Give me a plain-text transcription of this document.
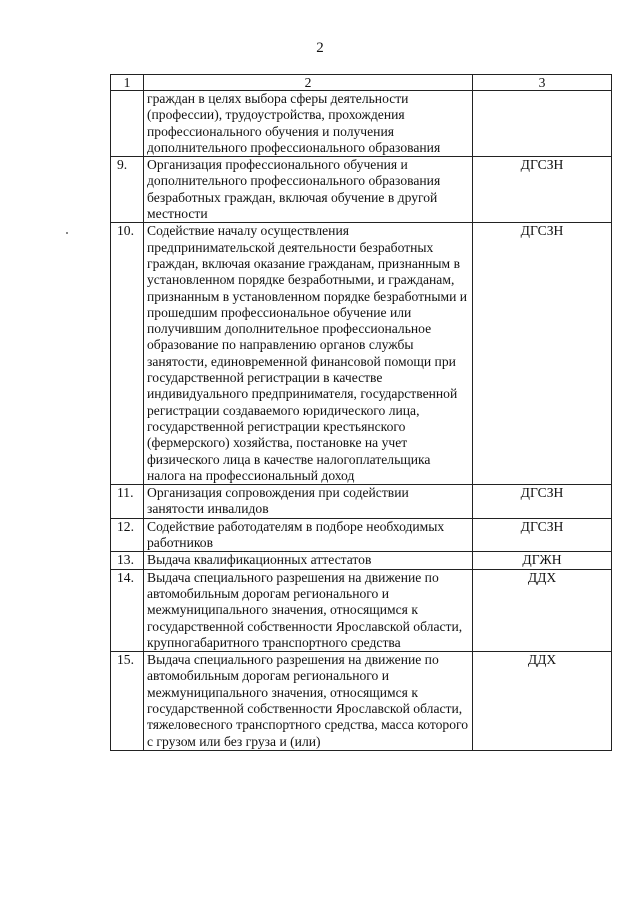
2
1	2	3
	граждан в целях выбора сферы деятельности (профессии), трудоустройства, прохождения профессионального обучения и получения дополнительного профессионального образования	
9.	Организация профессионального обучения и дополнительного профессионального образования безработных граждан, включая обучение в другой местности	ДГСЗН
10.	Содействие началу осуществления предпринимательской деятельности безработных граждан, включая оказание гражданам, признанным в установленном порядке безработными, и гражданам, признанным в установленном порядке безработными и прошедшим профессиональное обучение или получившим дополнительное профессиональное образование по направлению органов службы занятости, единовременной финансовой помощи при государственной регистрации в качестве индивидуального предпринимателя, государственной регистрации создаваемого юридического лица, государственной регистрации крестьянского (фермерского) хозяйства, постановке на учет физического лица в качестве налогоплательщика налога на профессиональный доход	ДГСЗН
11.	Организация сопровождения при содействии занятости инвалидов	ДГСЗН
12.	Содействие работодателям в подборе необходимых работников	ДГСЗН
13.	Выдача квалификационных аттестатов	ДГЖН
14.	Выдача специального разрешения на движение по автомобильным дорогам регионального и межмуниципального значения, относящимся к государственной собственности Ярославской области, крупногабаритного транспортного средства	ДДХ
15.	Выдача специального разрешения на движение по автомобильным дорогам регионального и межмуниципального значения, относящимся к государственной собственности Ярославской области, тяжеловесного транспортного средства, масса которого с грузом или без груза и (или)	ДДХ
